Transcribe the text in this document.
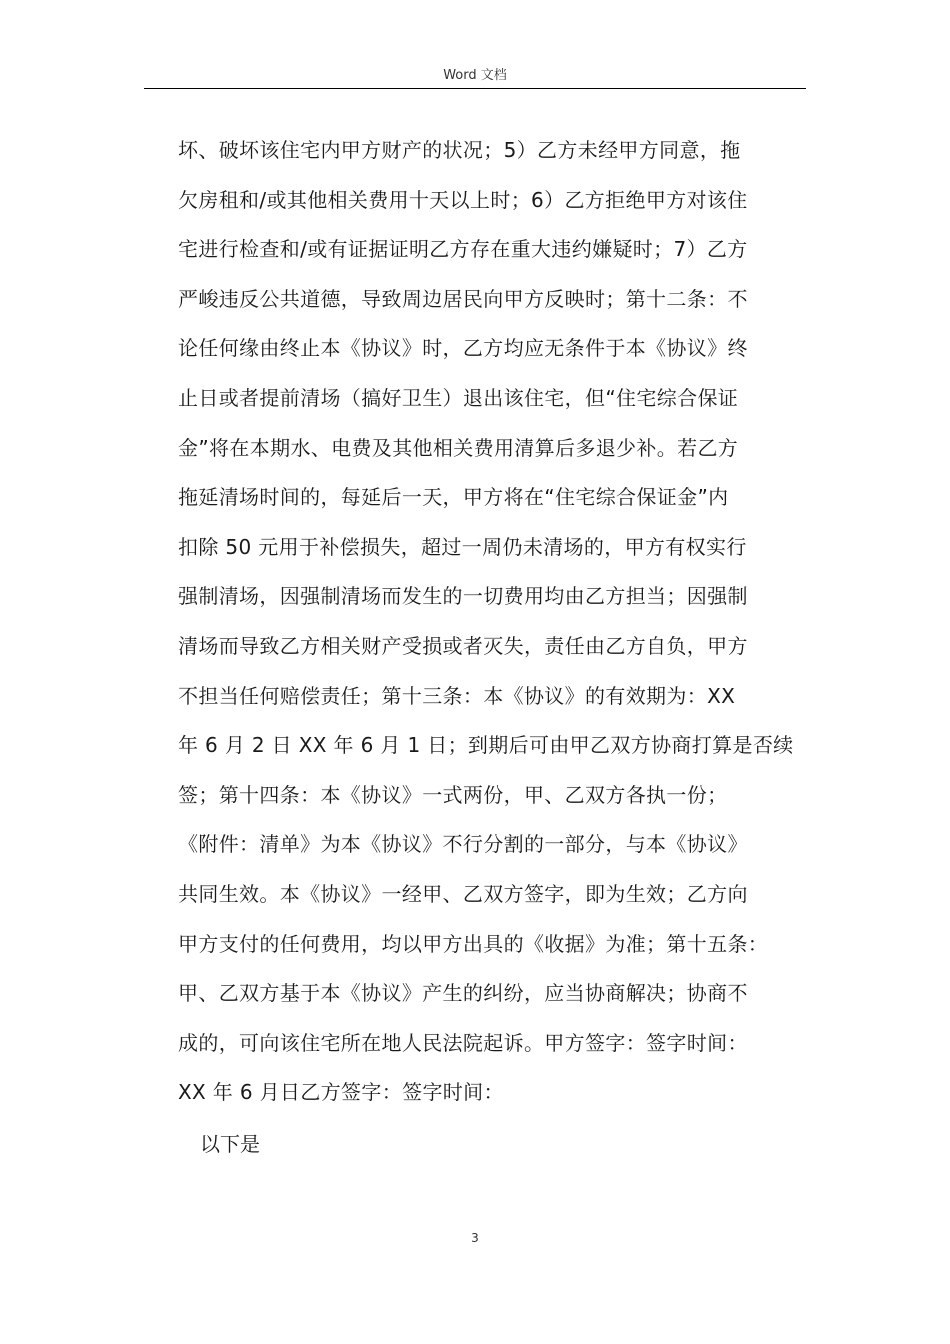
Word 文档
坏、破坏该住宅内甲方财产的状况；5）乙方未经甲方同意，拖
欠房租和/或其他相关费用十天以上时；6）乙方拒绝甲方对该住
宅进行检查和/或有证据证明乙方存在重大违约嫌疑时；7）乙方
严峻违反公共道德，导致周边居民向甲方反映时；第十二条：不
论任何缘由终止本《协议》时，乙方均应无条件于本《协议》终
止日或者提前清场（搞好卫生）退出该住宅，但“住宅综合保证
金”将在本期水、电费及其他相关费用清算后多退少补。若乙方
拖延清场时间的，每延后一天，甲方将在“住宅综合保证金”内
扣除 50 元用于补偿损失，超过一周仍未清场的，甲方有权实行
强制清场，因强制清场而发生的一切费用均由乙方担当；因强制
清场而导致乙方相关财产受损或者灭失，责任由乙方自负，甲方
不担当任何赔偿责任；第十三条：本《协议》的有效期为：XX
年 6 月 2 日 XX 年 6 月 1 日；到期后可由甲乙双方协商打算是否续
签；第十四条：本《协议》一式两份，甲、乙双方各执一份；
《附件：清单》为本《协议》不行分割的一部分，与本《协议》
共同生效。本《协议》一经甲、乙双方签字，即为生效；乙方向
甲方支付的任何费用，均以甲方出具的《收据》为准；第十五条：
甲、乙双方基于本《协议》产生的纠纷，应当协商解决；协商不
成的，可向该住宅所在地人民法院起诉。甲方签字：签字时间：
XX 年 6 月日乙方签字：签字时间：
以下是
3
